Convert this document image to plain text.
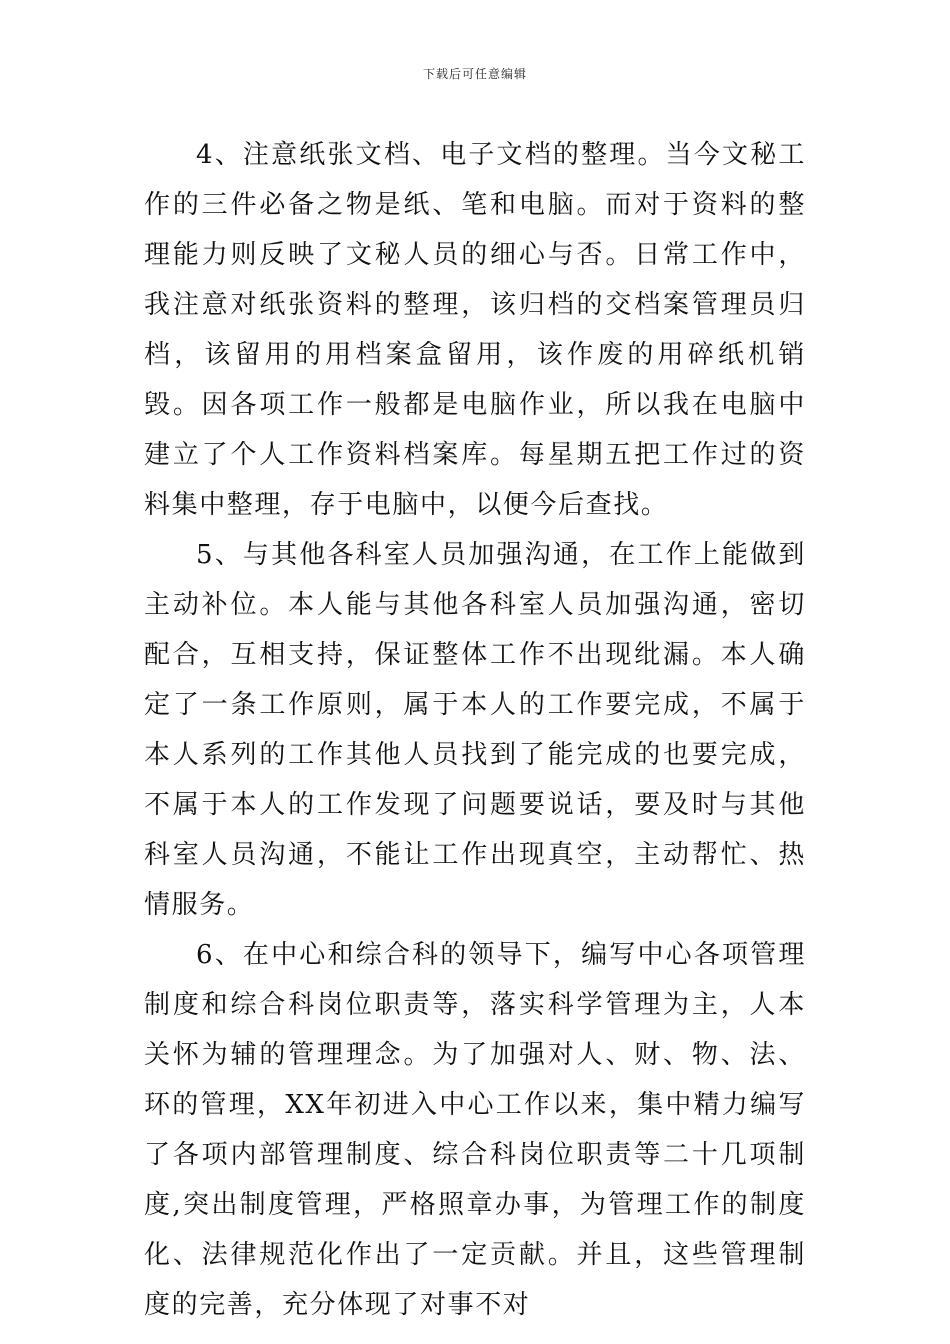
下载后可任意编辑

4、注意纸张文档、电子文档的整理。当今文秘工作的三件必备之物是纸、笔和电脑。而对于资料的整理能力则反映了文秘人员的细心与否。日常工作中，我注意对纸张资料的整理，该归档的交档案管理员归档，该留用的用档案盒留用，该作废的用碎纸机销毁。因各项工作一般都是电脑作业，所以我在电脑中建立了个人工作资料档案库。每星期五把工作过的资料集中整理，存于电脑中，以便今后查找。

5、与其他各科室人员加强沟通，在工作上能做到主动补位。本人能与其他各科室人员加强沟通，密切配合，互相支持，保证整体工作不出现纰漏。本人确定了一条工作原则，属于本人的工作要完成，不属于本人系列的工作其他人员找到了能完成的也要完成，不属于本人的工作发现了问题要说话，要及时与其他科室人员沟通，不能让工作出现真空，主动帮忙、热情服务。

6、在中心和综合科的领导下，编写中心各项管理制度和综合科岗位职责等，落实科学管理为主，人本关怀为辅的管理理念。为了加强对人、财、物、法、环的管理，XX年初进入中心工作以来，集中精力编写了各项内部管理制度、综合科岗位职责等二十几项制度,突出制度管理，严格照章办事，为管理工作的制度化、法律规范化作出了一定贡献。并且，这些管理制度的完善，充分体现了对事不对
